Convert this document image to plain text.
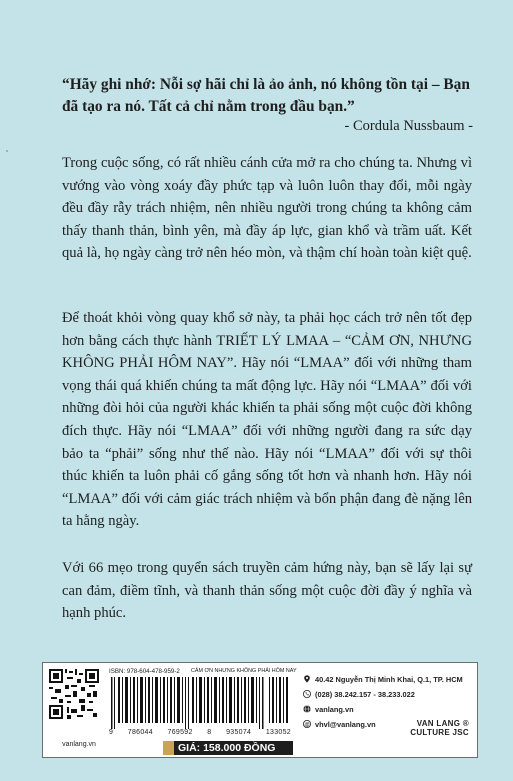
“Hãy ghi nhớ: Nỗi sợ hãi chỉ là ảo ảnh, nó không tồn tại – Bạn đã tạo ra nó. Tất cả chỉ nằm trong đầu bạn.”
- Cordula Nussbaum -

Trong cuộc sống, có rất nhiều cánh cửa mở ra cho chúng ta. Nhưng vì vướng vào vòng xoáy đầy phức tạp và luôn luôn thay đổi, mỗi ngày đều đầy rẫy trách nhiệm, nên nhiều người trong chúng ta không cảm thấy thanh thản, bình yên, mà đầy áp lực, gian khổ và trầm uất. Kết quả là, họ ngày càng trở nên héo mòn, và thậm chí hoàn toàn kiệt quệ.

Để thoát khỏi vòng quay khổ sở này, ta phải học cách trở nên tốt đẹp hơn bằng cách thực hành TRIẾT LÝ LMAA – “CẢM ƠN, NHƯNG KHÔNG PHẢI HÔM NAY”. Hãy nói “LMAA” đối với những tham vọng thái quá khiến chúng ta mất động lực. Hãy nói “LMAA” đối với những đòi hỏi của người khác khiến ta phải sống một cuộc đời không đích thực. Hãy nói “LMAA” đối với những người đang ra sức dạy bảo ta “phải” sống như thế nào. Hãy nói “LMAA” đối với sự thôi thúc khiến ta luôn phải cố gắng sống tốt hơn và nhanh hơn. Hãy nói “LMAA” đối với cảm giác trách nhiệm và bổn phận đang đè nặng lên ta hằng ngày.

Với 66 mẹo trong quyển sách truyền cảm hứng này, bạn sẽ lấy lại sự can đảm, điềm tĩnh, và thanh thản sống một cuộc đời đầy ý nghĩa và hạnh phúc.

vanlang.vn
ISBN: 978-604-478-959-2 CẢM ƠN NHƯNG KHÔNG PHẢI HÔM NAY
9 786044 769592 8 935074 133052
GIÁ: 158.000 ĐỒNG
40.42 Nguyễn Thị Minh Khai, Q.1, TP. HCM
(028) 38.242.157 - 38.233.022
vanlang.vn
@ vhvl@vanlang.vn	VAN LANG ®
CULTURE JSC
